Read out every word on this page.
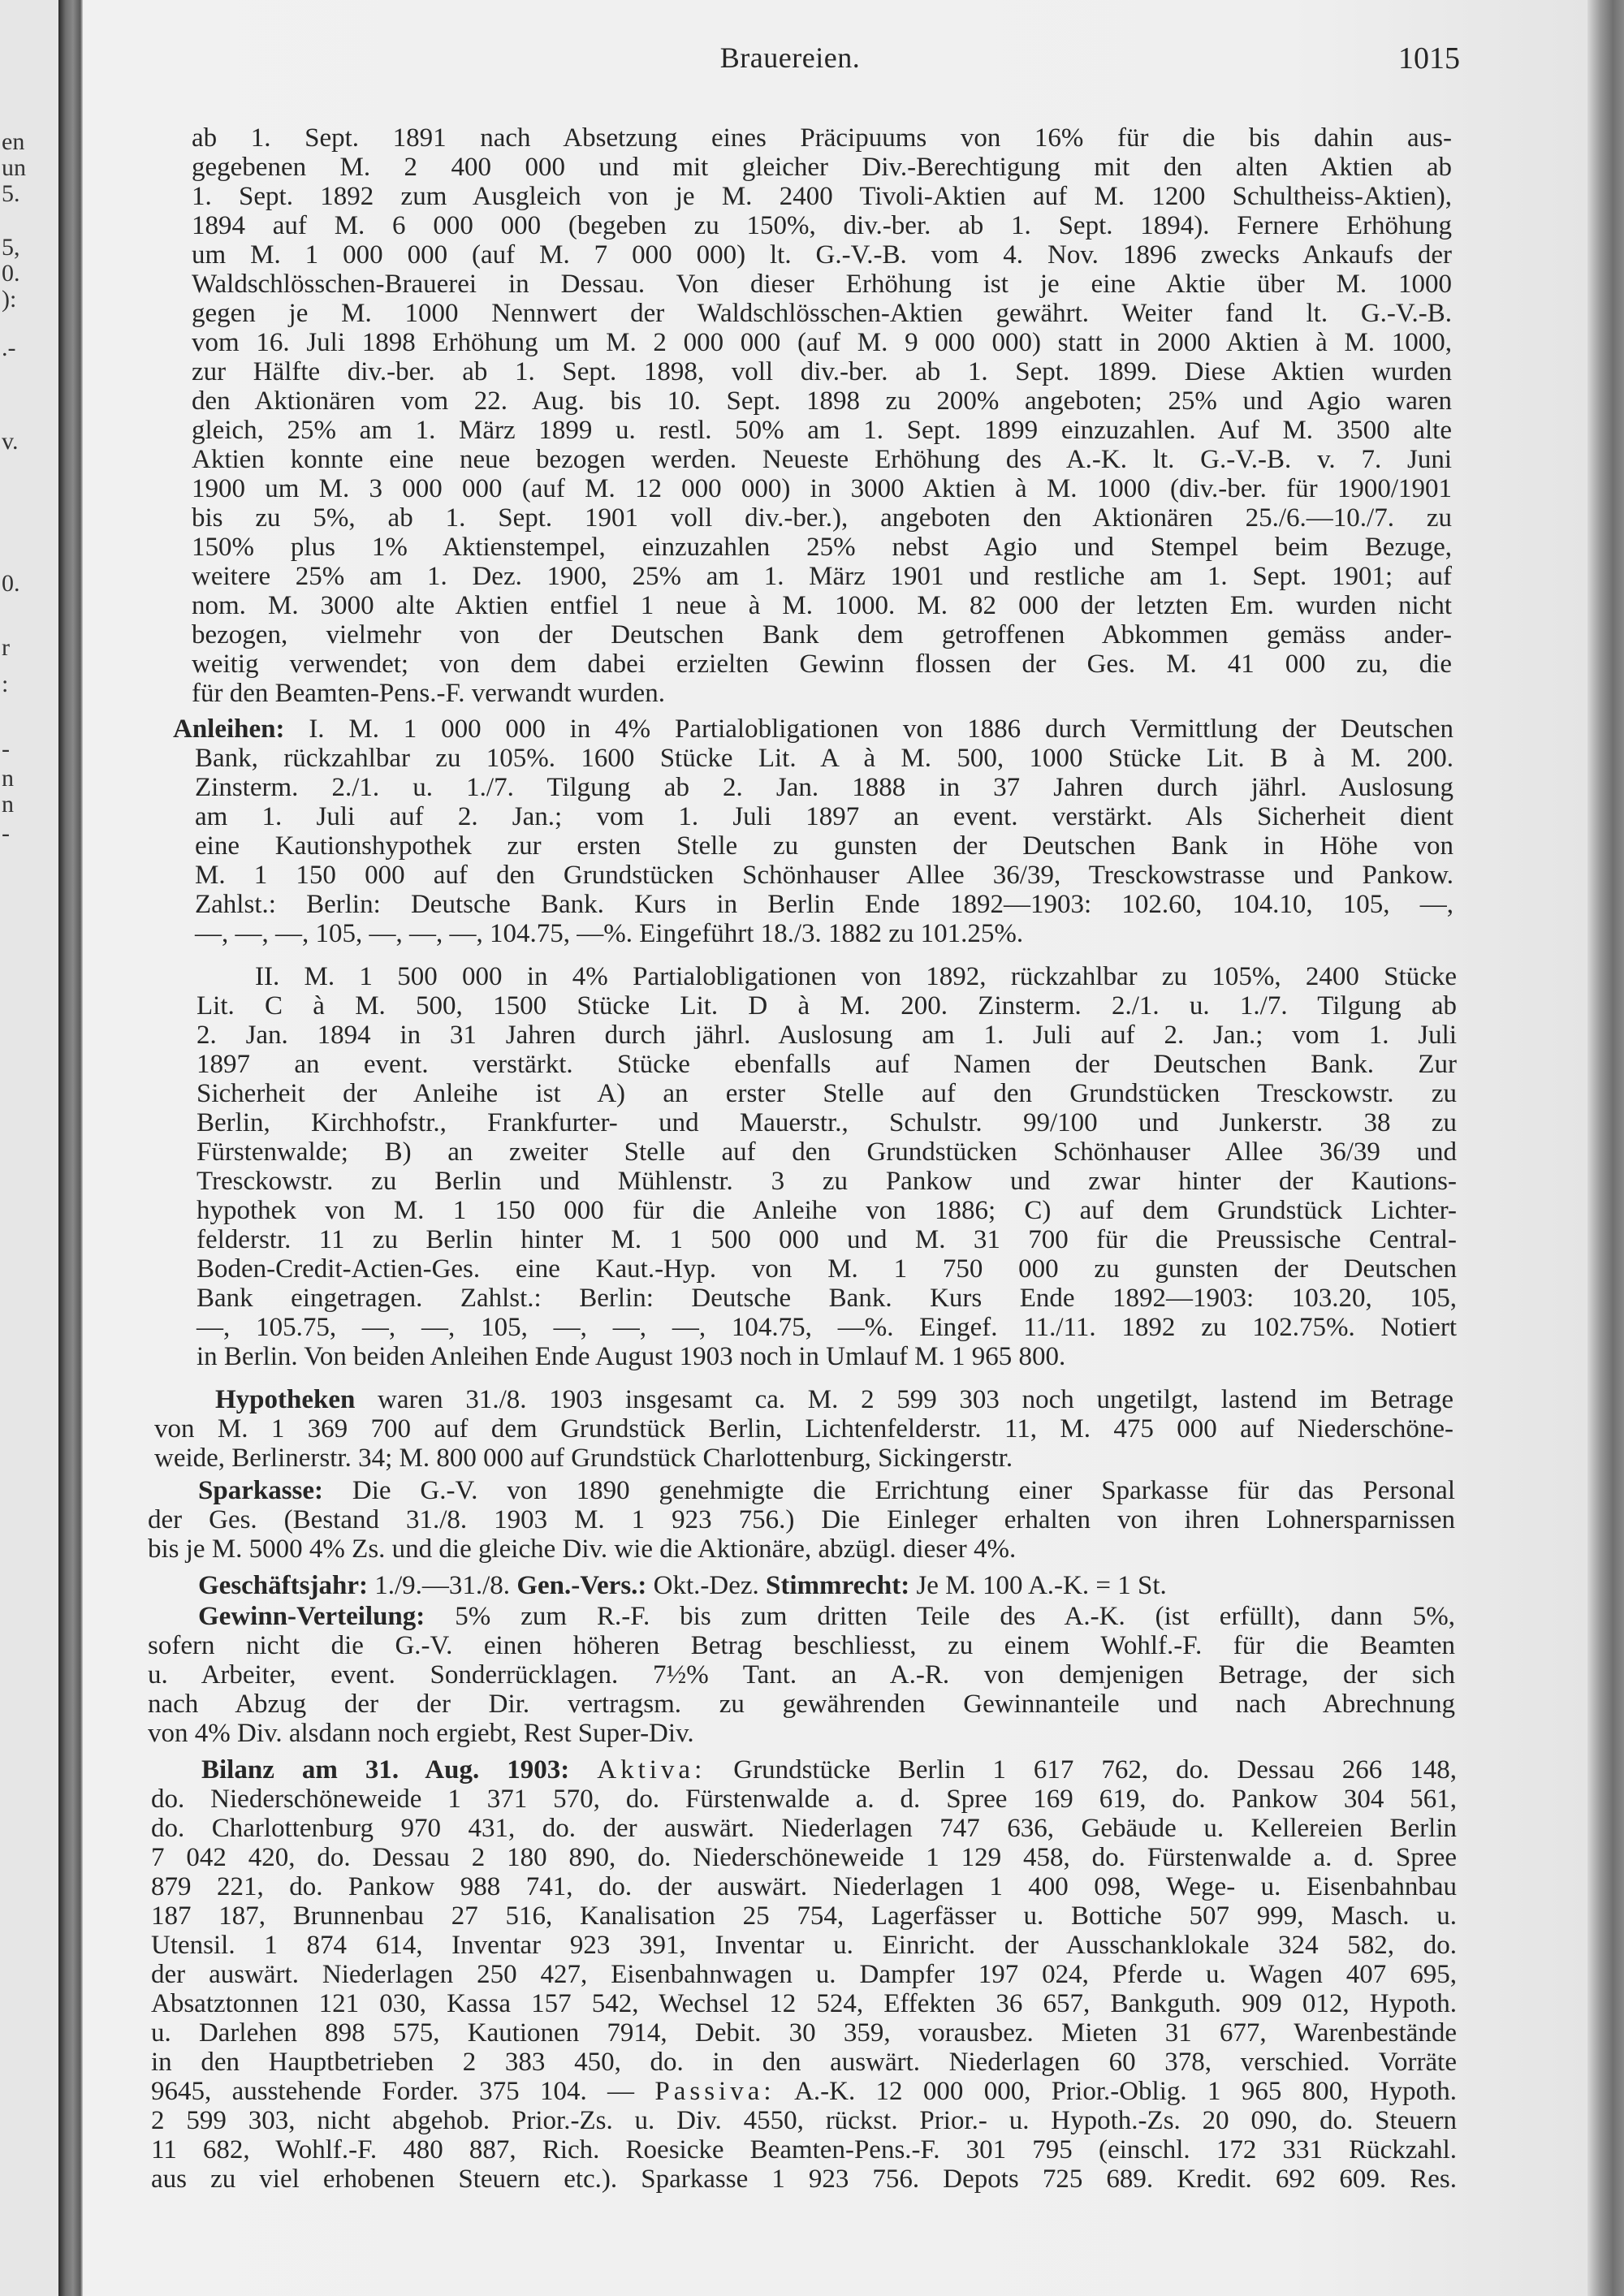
en
un
5.
5,
0.
):
.-
v.
0.
r
:
-
n
n
-
Brauereien.	1015
ab 1. Sept. 1891 nach Absetzung eines Präcipuums von 16% für die bis dahin aus-
gegebenen M. 2 400 000 und mit gleicher Div.-Berechtigung mit den alten Aktien ab
1. Sept. 1892 zum Ausgleich von je M. 2400 Tivoli-Aktien auf M. 1200 Schultheiss-Aktien),
1894 auf M. 6 000 000 (begeben zu 150%, div.-ber. ab 1. Sept. 1894). Fernere Erhöhung
um M. 1 000 000 (auf M. 7 000 000) lt. G.-V.-B. vom 4. Nov. 1896 zwecks Ankaufs der
Waldschlösschen-Brauerei in Dessau. Von dieser Erhöhung ist je eine Aktie über M. 1000
gegen je M. 1000 Nennwert der Waldschlösschen-Aktien gewährt. Weiter fand lt. G.-V.-B.
vom 16. Juli 1898 Erhöhung um M. 2 000 000 (auf M. 9 000 000) statt in 2000 Aktien à M. 1000,
zur Hälfte div.-ber. ab 1. Sept. 1898, voll div.-ber. ab 1. Sept. 1899. Diese Aktien wurden
den Aktionären vom 22. Aug. bis 10. Sept. 1898 zu 200% angeboten; 25% und Agio waren
gleich, 25% am 1. März 1899 u. restl. 50% am 1. Sept. 1899 einzuzahlen. Auf M. 3500 alte
Aktien konnte eine neue bezogen werden. Neueste Erhöhung des A.-K. lt. G.-V.-B. v. 7. Juni
1900 um M. 3 000 000 (auf M. 12 000 000) in 3000 Aktien à M. 1000 (div.-ber. für 1900/1901
bis zu 5%, ab 1. Sept. 1901 voll div.-ber.), angeboten den Aktionären 25./6.—10./7. zu
150% plus 1% Aktienstempel, einzuzahlen 25% nebst Agio und Stempel beim Bezuge,
weitere 25% am 1. Dez. 1900, 25% am 1. März 1901 und restliche am 1. Sept. 1901; auf
nom. M. 3000 alte Aktien entfiel 1 neue à M. 1000. M. 82 000 der letzten Em. wurden nicht
bezogen, vielmehr von der Deutschen Bank dem getroffenen Abkommen gemäss ander-
weitig verwendet; von dem dabei erzielten Gewinn flossen der Ges. M. 41 000 zu, die
für den Beamten-Pens.-F. verwandt wurden.
Anleihen: I. M. 1 000 000 in 4% Partialobligationen von 1886 durch Vermittlung der Deutschen
Bank, rückzahlbar zu 105%. 1600 Stücke Lit. A à M. 500, 1000 Stücke Lit. B à M. 200.
Zinsterm. 2./1. u. 1./7. Tilgung ab 2. Jan. 1888 in 37 Jahren durch jährl. Auslosung
am 1. Juli auf 2. Jan.; vom 1. Juli 1897 an event. verstärkt. Als Sicherheit dient
eine Kautionshypothek zur ersten Stelle zu gunsten der Deutschen Bank in Höhe von
M. 1 150 000 auf den Grundstücken Schönhauser Allee 36/39, Tresckowstrasse und Pankow.
Zahlst.: Berlin: Deutsche Bank. Kurs in Berlin Ende 1892—1903: 102.60, 104.10, 105, —,
—, —, —, 105, —, —, —, 104.75, —%. Eingeführt 18./3. 1882 zu 101.25%.
II. M. 1 500 000 in 4% Partialobligationen von 1892, rückzahlbar zu 105%, 2400 Stücke
Lit. C à M. 500, 1500 Stücke Lit. D à M. 200. Zinsterm. 2./1. u. 1./7. Tilgung ab
2. Jan. 1894 in 31 Jahren durch jährl. Auslosung am 1. Juli auf 2. Jan.; vom 1. Juli
1897 an event. verstärkt. Stücke ebenfalls auf Namen der Deutschen Bank. Zur
Sicherheit der Anleihe ist A) an erster Stelle auf den Grundstücken Tresckowstr. zu
Berlin, Kirchhofstr., Frankfurter- und Mauerstr., Schulstr. 99/100 und Junkerstr. 38 zu
Fürstenwalde; B) an zweiter Stelle auf den Grundstücken Schönhauser Allee 36/39 und
Tresckowstr. zu Berlin und Mühlenstr. 3 zu Pankow und zwar hinter der Kautions-
hypothek von M. 1 150 000 für die Anleihe von 1886; C) auf dem Grundstück Lichter-
felderstr. 11 zu Berlin hinter M. 1 500 000 und M. 31 700 für die Preussische Central-
Boden-Credit-Actien-Ges. eine Kaut.-Hyp. von M. 1 750 000 zu gunsten der Deutschen
Bank eingetragen. Zahlst.: Berlin: Deutsche Bank. Kurs Ende 1892—1903: 103.20, 105,
—, 105.75, —, —, 105, —, —, —, 104.75, —%. Eingef. 11./11. 1892 zu 102.75%. Notiert
in Berlin. Von beiden Anleihen Ende August 1903 noch in Umlauf M. 1 965 800.
Hypotheken waren 31./8. 1903 insgesamt ca. M. 2 599 303 noch ungetilgt, lastend im Betrage
von M. 1 369 700 auf dem Grundstück Berlin, Lichtenfelderstr. 11, M. 475 000 auf Niederschöne-
weide, Berlinerstr. 34; M. 800 000 auf Grundstück Charlottenburg, Sickingerstr.
Sparkasse: Die G.-V. von 1890 genehmigte die Errichtung einer Sparkasse für das Personal
der Ges. (Bestand 31./8. 1903 M. 1 923 756.) Die Einleger erhalten von ihren Lohnersparnissen
bis je M. 5000 4% Zs. und die gleiche Div. wie die Aktionäre, abzügl. dieser 4%.
Geschäftsjahr: 1./9.—31./8. Gen.-Vers.: Okt.-Dez. Stimmrecht: Je M. 100 A.-K. = 1 St.
Gewinn-Verteilung: 5% zum R.-F. bis zum dritten Teile des A.-K. (ist erfüllt), dann 5%,
sofern nicht die G.-V. einen höheren Betrag beschliesst, zu einem Wohlf.-F. für die Beamten
u. Arbeiter, event. Sonderrücklagen. 7½% Tant. an A.-R. von demjenigen Betrage, der sich
nach Abzug der der Dir. vertragsm. zu gewährenden Gewinnanteile und nach Abrechnung
von 4% Div. alsdann noch ergiebt, Rest Super-Div.
Bilanz am 31. Aug. 1903: Aktiva: Grundstücke Berlin 1 617 762, do. Dessau 266 148,
do. Niederschöneweide 1 371 570, do. Fürstenwalde a. d. Spree 169 619, do. Pankow 304 561,
do. Charlottenburg 970 431, do. der auswärt. Niederlagen 747 636, Gebäude u. Kellereien Berlin
7 042 420, do. Dessau 2 180 890, do. Niederschöneweide 1 129 458, do. Fürstenwalde a. d. Spree
879 221, do. Pankow 988 741, do. der auswärt. Niederlagen 1 400 098, Wege- u. Eisenbahnbau
187 187, Brunnenbau 27 516, Kanalisation 25 754, Lagerfässer u. Bottiche 507 999, Masch. u.
Utensil. 1 874 614, Inventar 923 391, Inventar u. Einricht. der Ausschanklokale 324 582, do.
der auswärt. Niederlagen 250 427, Eisenbahnwagen u. Dampfer 197 024, Pferde u. Wagen 407 695,
Absatztonnen 121 030, Kassa 157 542, Wechsel 12 524, Effekten 36 657, Bankguth. 909 012, Hypoth.
u. Darlehen 898 575, Kautionen 7914, Debit. 30 359, vorausbez. Mieten 31 677, Warenbestände
in den Hauptbetrieben 2 383 450, do. in den auswärt. Niederlagen 60 378, verschied. Vorräte
9645, ausstehende Forder. 375 104. — Passiva: A.-K. 12 000 000, Prior.-Oblig. 1 965 800, Hypoth.
2 599 303, nicht abgehob. Prior.-Zs. u. Div. 4550, rückst. Prior.- u. Hypoth.-Zs. 20 090, do. Steuern
11 682, Wohlf.-F. 480 887, Rich. Roesicke Beamten-Pens.-F. 301 795 (einschl. 172 331 Rückzahl.
aus zu viel erhobenen Steuern etc.). Sparkasse 1 923 756. Depots 725 689. Kredit. 692 609. Res.
